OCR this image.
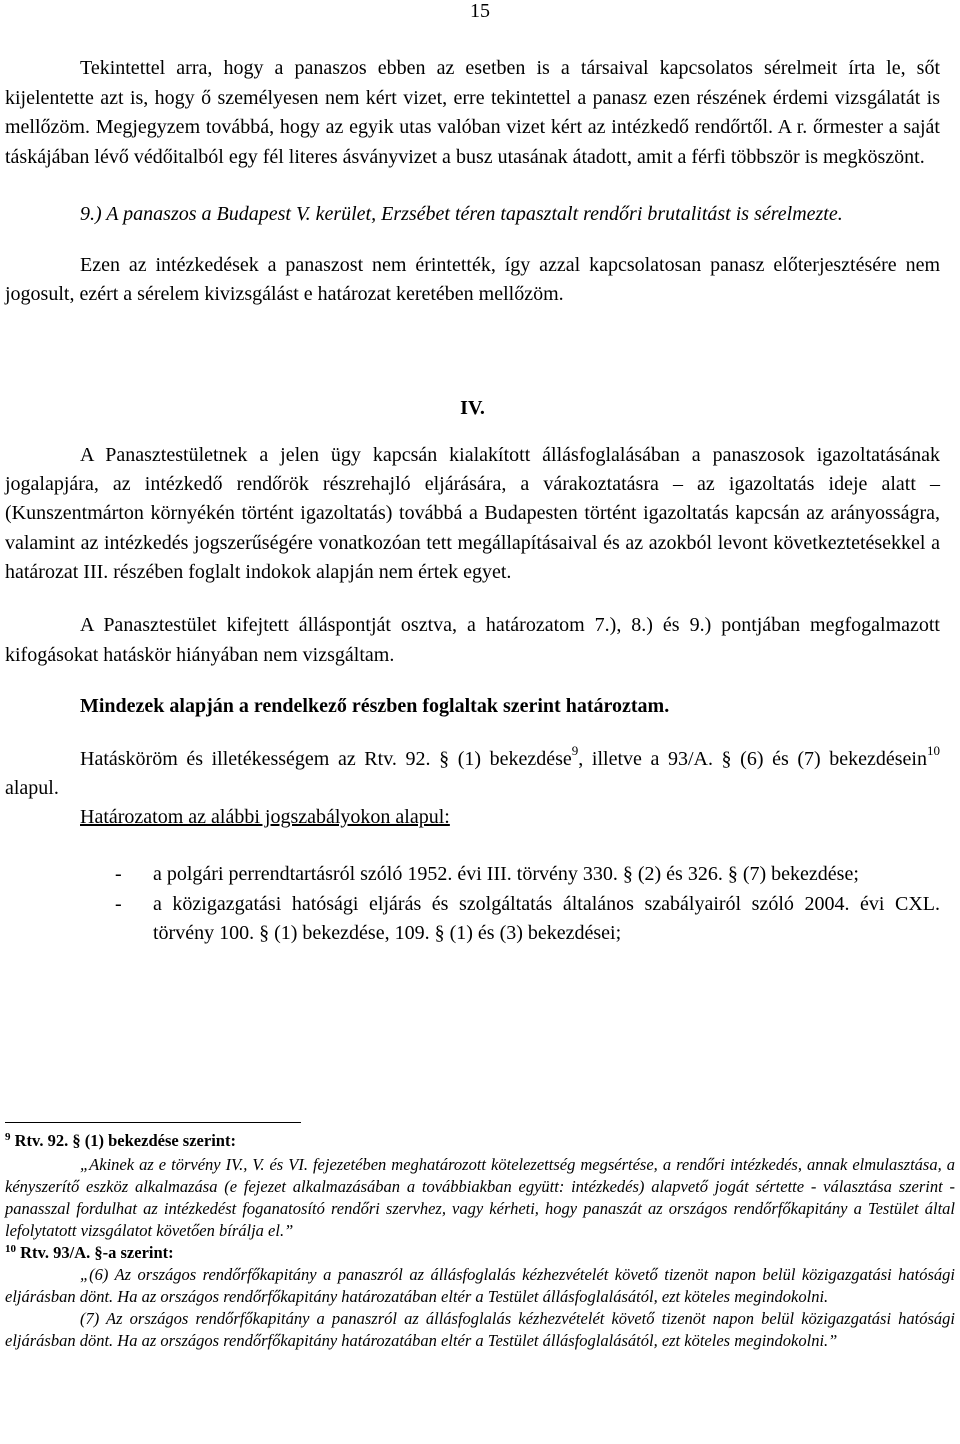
15

Tekintettel arra, hogy a panaszos ebben az esetben is a társaival kapcsolatos sérelmeit írta le, sőt kijelentette azt is, hogy ő személyesen nem kért vizet, erre tekintettel a panasz ezen részének érdemi vizsgálatát is mellőzöm. Megjegyzem továbbá, hogy az egyik utas valóban vizet kért az intézkedő rendőrtől. A r. őrmester a saját táskájában lévő védőitalból egy fél literes ásványvizet a busz utasának átadott, amit a férfi többször is megköszönt.

9.) A panaszos a Budapest V. kerület, Erzsébet téren tapasztalt rendőri brutalitást is sérelmezte.

Ezen az intézkedések a panaszost nem érintették, így azzal kapcsolatosan panasz előterjesztésére nem jogosult, ezért a sérelem kivizsgálást e határozat keretében mellőzöm.

IV.

A Panasztestületnek a jelen ügy kapcsán kialakított állásfoglalásában a panaszosok igazoltatásának jogalapjára, az intézkedő rendőrök részrehajló eljárására, a várakoztatásra – az igazoltatás ideje alatt – (Kunszentmárton környékén történt igazoltatás) továbbá a Budapesten történt igazoltatás kapcsán az arányosságra, valamint az intézkedés jogszerűségére vonatkozóan tett megállapításaival és az azokból levont következtetésekkel a határozat III. részében foglalt indokok alapján nem értek egyet.

A Panasztestület kifejtett álláspontját osztva, a határozatom 7.), 8.) és 9.) pontjában megfogalmazott kifogásokat hatáskör hiányában nem vizsgáltam.

Mindezek alapján a rendelkező részben foglaltak szerint határoztam.

Hatásköröm és illetékességem az Rtv. 92. § (1) bekezdése$^9$, illetve a 93/A. § (6) és (7) bekezdésein$^{10}$ alapul.

Határozatom az alábbi jogszabályokon alapul:

-	a polgári perrendtartásról szóló 1952. évi III. törvény 330. § (2) és 326. § (7) bekezdése;
-	a közigazgatási hatósági eljárás és szolgáltatás általános szabályairól szóló 2004. évi CXL. törvény 100. § (1) bekezdése, 109. § (1) és (3) bekezdései;

$^9$ Rtv. 92. § (1) bekezdése szerint:

„Akinek az e törvény IV., V. és VI. fejezetében meghatározott kötelezettség megsértése, a rendőri intézkedés, annak elmulasztása, a kényszerítő eszköz alkalmazása (e fejezet alkalmazásában a továbbiakban együtt: intézkedés) alapvető jogát sértette - választása szerint - panasszal fordulhat az intézkedést foganatosító rendőri szervhez, vagy kérheti, hogy panaszát az országos rendőrfőkapitány a Testület által lefolytatott vizsgálatot követően bírálja el.”

$^{10}$ Rtv. 93/A. §-a szerint:

„(6) Az országos rendőrfőkapitány a panaszról az állásfoglalás kézhezvételét követő tizenöt napon belül közigazgatási hatósági eljárásban dönt. Ha az országos rendőrfőkapitány határozatában eltér a Testület állásfoglalásától, ezt köteles megindokolni.

(7) Az országos rendőrfőkapitány a panaszról az állásfoglalás kézhezvételét követő tizenöt napon belül közigazgatási hatósági eljárásban dönt. Ha az országos rendőrfőkapitány határozatában eltér a Testület állásfoglalásától, ezt köteles megindokolni.”
